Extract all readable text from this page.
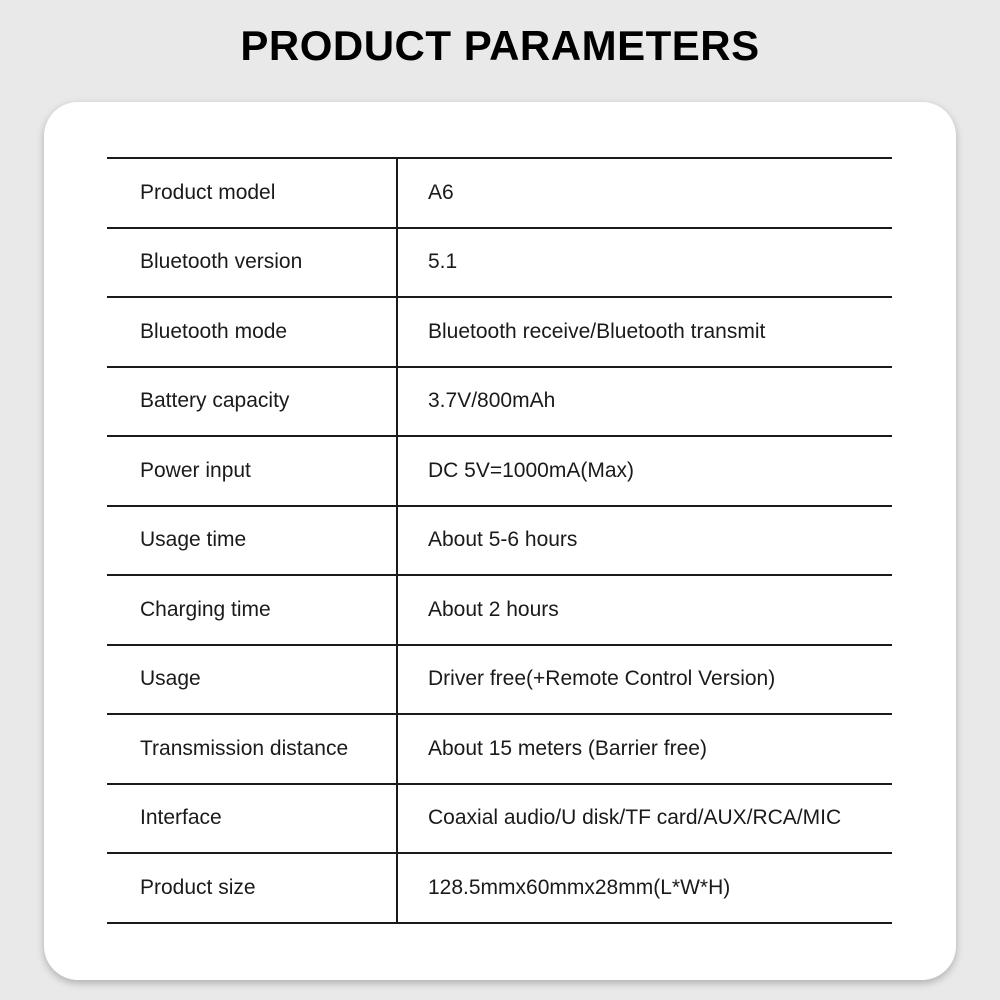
PRODUCT PARAMETERS
Product model	A6
Bluetooth version	5.1
Bluetooth mode	Bluetooth receive/Bluetooth transmit
Battery capacity	3.7V/800mAh
Power input	DC 5V=1000mA(Max)
Usage time	About 5-6 hours
Charging time	About 2 hours
Usage	Driver free(+Remote Control Version)
Transmission distance	About 15 meters (Barrier free)
Interface	Coaxial audio/U disk/TF card/AUX/RCA/MIC
Product size	128.5mmx60mmx28mm(L*W*H)
